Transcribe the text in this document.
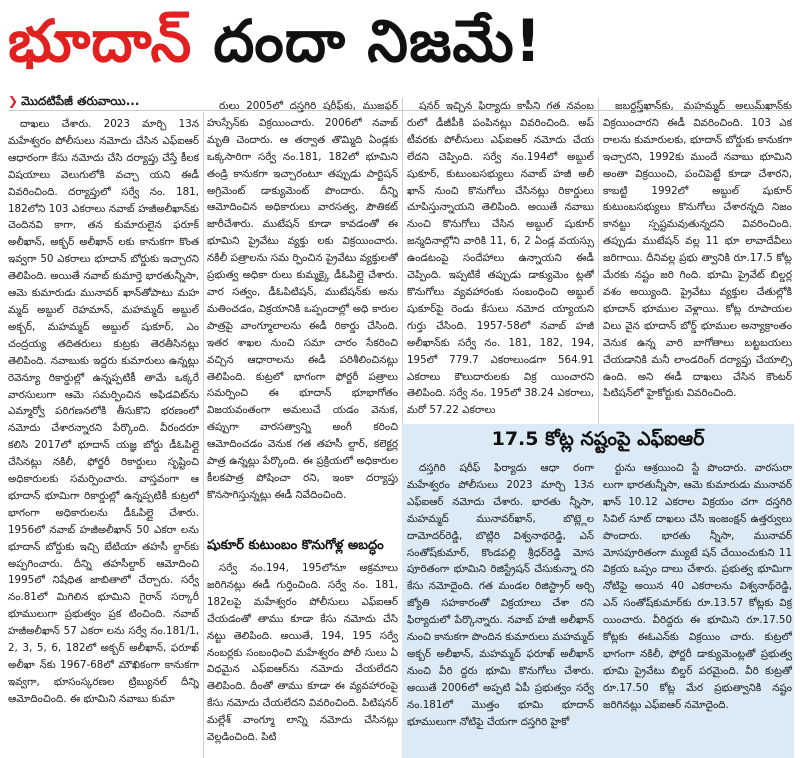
భూదాన్ దందా నిజమే!
❯ మొదటిపేజీ తరువాయి...

దాఖలు చేశారు. 2023 మార్చి 13న మహేశ్వరం పోలీసులు నమోదు చేసిన ఎఫ్ఐఆర్ ఆధారంగా కేసు నమోదు చేసి దర్యాప్తు చేస్తే కీలక విషయాలు వెలుగులోకి వచ్చా యని ఈడీ వివరించింది. దర్యాప్తులో సర్వే నం. 181, 182లోని 103 ఎకరాలు నవాబ్ హజీఅలీఖాన్‌కు చెందినవి కాగా, తన కుమారులైన ఫరూక్ అలీఖాన్, అక్బర్ అలీఖాన్ లకు కానుకగా కొంత ఇవ్వగా 50 ఎకరాలు భూదాన్ బోర్డుకు ఇచ్చారని తెలిపింది. అయితే నవాబ్ కుమార్తె భారతున్నీసా, ఆమె కుమారుడు మునావర్ ఖాన్‌తోపాటు మహ మ్మద్ అబ్దుల్ రెహమాన్, మహమ్మద్ అబ్దుల్ అక్బర్, మహమ్మద్ అబ్దుల్ షుకూర్, ఎం చంద్రయ్య తదితరులు కుట్రకు తెరతీసినట్లు తెలిపింది. నవాబుకు ఇద్దరు కుమారులు ఉన్నట్లు రెవెన్యూ రికార్డుల్లో ఉన్నప్పటికీ తామే ఒక్కరే వారసులుగా ఆమె సమర్పించిన అఫిడవిట్‌ను ఎమ్మార్వో పరిగణనలోకి తీసుకొని భరణంలో నమోదు చేశారన్నారని పేర్కొంది. వీరందరూ కలిసి 2017లో భూదాన్ యజ్ఞ బోర్డు డీఓపిల్లై చేసినట్లు నకిలీ, ఫోర్జరీ రికార్డులు సృష్టించి అధికారులకు సమర్పించారు. వాస్తవంగా ఆ భూదాన్ భూమిగా రికార్డుల్లో ఉన్నప్పటికీ కుట్రలో భాగంగా అధికారులను డీఓపిల్లై చేశారు. 1956లో నవాబ్ హజీఅలీఖాన్ 50 ఎకరా లను భూదాన్ బోర్డుకు ఇచ్చి బేటియా తహసీ ల్దార్‌కు అప్పగించారు. దీన్ని తహసీల్దార్ ఆమోదించి 1995లో నిషేధిత జాబితాలో చేర్చారు. సర్వే నం.81లో మిగిలిన భూమిని గైరాన్ సర్కారీ భూములుగా ప్రభుత్వం ప్రక టించింది. నవాబ్ హజీఅలీఖాన్ 57 ఎకరా లను సర్వే నం.181/1, 2, 3, 5, 6, 182లో అక్బర్ అలీఖాన్, ఫరూఖ్ అలీఖా న్‌కు 1967-68లో మౌఖికంగా కానుకగా ఇవ్వగా, భూసంస్కరణల ట్రిబ్యునల్ దీన్ని ఆమోదించింది. ఈ భూమిని నవాబు కుమా

రులు 2005లో దస్తగిరి షరీఫ్‌కు, ముజఫర్ హుస్సేన్‌కు విక్రయించారు. 2006లో నవాబ్ మృతి చెందారు. ఆ తర్వాత తొమ్మిది ఏండ్లకు ఒక్కసారిగా సర్వే నం.181, 182లో భూమిని తండ్రి కానుకగా ఇచ్చారంటూ తప్పుడు పార్టిషన్ అగ్రిమెంట్ డాక్యుమెంట్ పొందారు. దీన్ని ఆమోదించిన అధికారులు వారసత్వ, పౌతికట్ జారీచేశారు. ముటేషన్ కూడా కావడంతో ఈ భూమిని ప్రైవేటు వ్యక్తు లకు విక్రయించారు. నకిలీ పత్రాలను సమ ర్పించిన ప్రైవేటు వ్యక్తులతో ప్రభుత్వ అధికా రులు కుమ్మక్కై డీఓపిల్లై చేశారు. వార సత్వం, డీఓపిటిషన్, ముటేషన్‌కు అను మతించడం, విక్రయానికి ఒప్పందాల్లో అధి కారుల పాత్రపై వాంగ్మూలాలను ఈడీ రికార్డు చేసింది. ఇతర శాఖల నుంచి సమా చారం సేకరించి వచ్చిన ఆధారాలను ఈడీ పరిశీలించినట్లు తెలిపింది. కుట్రలో భాగంగా ఫోర్జరీ పత్రాలు సమర్పించి ఈ భూదాన్ భూభాగోతం విజయవంతంగా అమలుచే యడం వెనుక, తప్పుగా వారసత్వాన్ని అంగీ కరించి ఆమోదించడం వెనుక గత తహసీ ల్దార్, కలెక్టర్ల పాత్ర ఉన్నట్లు పేర్కొంది. ఈ ప్రక్రియలో అధికారుల కీలకపాత్ర పోషించా రని, ఇంకా దర్యాప్తు కొనసాగిస్తున్నట్లు ఈడీ నివేదించింది.

షుకూర్ కుటుంబం కొనుగోళ్ల అబద్ధం

సర్వే నం.194, 195లోనూ అక్రమాలు జరిగినట్లు ఈడీ గుర్తించింది. సర్వే నం. 181, 182లపై మహేశ్వరం పోలీసులు ఎఫ్ఐఆర్ చేయడంతో తాము కూడా కేసు నమోదు చేసి నట్టు తెలిపింది. అయితే, 194, 195 సర్వే నంబర్లకు సంబంధించి మహేశ్వరం పోలీ సులు ఏ విధమైన ఎఫ్ఐఆర్‌ను నమోదు చేయలేదని తెలిపింది. దీంతో తాము కూడా ఈ వ్యవహారంపై కేసు నమోదు చేయలేదని వివరించింది. పిటిషనర్ మల్లేశ్ వాంగ్మూ లాన్ని నమోదు చేసినట్లు వెల్లడించింది. పిటి

షనర్ ఇచ్చిన ఫిర్యాదు కాపీని గత నవంబ రులో డీజీపీకి పంపినట్లు వివరించింది. అప్ టీవరకు పోలీసులు ఎఫ్ఐఆర్ నమోదు చేయ లేదని చెప్పింది. సర్వే నం.194లో అబ్దుల్ షుకూర్, కుటుంబసభ్యులు నవాబ్ హజీ అలీ ఖాన్ నుంచి కొనుగోలు చేసినట్లు రికార్డులు చూపిస్తున్నాయని తెలిపింది. అయితే నవాబు నుంచి కొనుగోలు చేసిన అబ్దుల్ షుకూర్ జన్మదినాల్లోని వారికి 11, 6, 2 ఏండ్ల వయస్సు ఉండటంపై సందేహాలు ఉన్నాయని ఈడీ చెప్పింది. ఇప్పటికే తప్పుడు డాక్యుమెం ట్లతో కొనుగోలు వ్యవహారంకు సంబంధించి అబ్దుల్ షుకూర్‌పై రెండు కేసులు నమోద య్యాయని గుర్తు చేసింది. 1957-58లో నవాబ్ హజీ అలీఖాన్‌కు సర్వే నం. 181, 182, 194, 195లో 779.7 ఎకరాలుండగా 564.91 ఎకరాలు కౌలుదారులకు విక్ర యించారని తెలిపింది. సర్వే నం. 195లో 38.24 ఎకరాలు, మరో 57.22 ఎకరాలు

జబర్దస్త్‌ఖాన్‌కు, మహమ్మద్ అలుమ్‌ఖాన్‌కు విక్రయించారని ఈడీ వివరించింది. 103 ఎక రాలను కుమారులకు, భూదాన్ బోర్డుకు కానుకగా ఇచ్చారని, 1992కు ముందే నవాబు భూమిని అంతా విక్రయించి, పంచిపెట్టే కూడా చేశారని, కాబట్టి 1992లో అబ్దుల్ షుకూర్ కుటుంబసభ్యులు కొనుగోలు చేశారన్నది నిజం కానట్టు స్పష్టమవుతున్నదని వివరించింది. తప్పుడు ముటేషన్ వల్ల 11 భూ లావాదేవీలు జరిగాయి. దీనివల్ల ప్రభు త్వానికి రూ.17.5 కోట్ల మేరకు నష్టం జరి గింది. భూమి ప్రైవేట్ బిల్డర్ల వశం అయ్యింది. ప్రైవేటు వ్యక్తుల చేతుల్లోకి భూదాన్ భూముల వెళ్లాయి. కోట్ల రూపాయల విలు వైన భూదాన్ బోర్డ్ భూముల అన్యాక్రాంతం వెనుక ఉన్న వారి బాగోతాలు బట్టబయలు చేయడానికి మనీ లాండరింగ్ దర్యాప్తు చేయాల్సి ఉంది. అని ఈడీ దాఖలు చేసిన కౌంటర్ పిటిషన్‌లో హైకోర్టుకు వివరించింది.

17.5 కోట్ల నష్టంపై ఎఫ్ఐఆర్

దస్తగిరి షరీఫ్ ఫిర్యాదు ఆధా రంగా మహేశ్వరం పోలీసులు 2023 మార్చి 13న ఎఫ్ఐఆర్ నమోదు చేశారు. భారతు న్నీసా, మహమ్మద్ మునావర్‌ఖాన్, బొట్ల్లెల దామోదర్‌రెడ్డి, బొట్లిరి విశ్వనాథరెడ్డి, ఎన్ సంతోష్‌కుమార్, కొండపల్లి శ్రీధర్‌రెడ్డి మోస పూరితంగా భూమిని రిజిస్ట్రేషన్ చేసుకున్నా రని కేసు నమోదైంది. గత మండల రిజిస్ట్రార్ అర్చి జ్యోతి సహకారంతో విక్రయాలు చేశా రని ఫిర్యాదులో పేర్కొన్నారు. నవాబ్ హజీ అలీఖాన్ నుంచి కానుకగా పొందిన కుమారులు మహమ్మద్ అక్బర్ అలీఖాన్, మహమ్మద్ ఫరూఖ్ అలీఖాన్ నుంచి వీరి ద్దరు భూమి కొనుగోలు చేశారు. అయితే 2006లో అప్పటి ఏపీ ప్రభుత్వం సర్వే నం.181లో మొత్తం భూమి భూదాన్ భూములుగా నోటిఫై చేయగా దస్తగిరి హైకో

ర్టును ఆశ్రయించి స్టే పొందారు. వారసురా లుగా భారతున్నీసా, ఆమె కుమారుడు మునావర్ ఖాన్ 10.12 ఎకరాల విక్రయం చగా దస్తగిరి సివిల్ సూట్ దాఖలు చేసి ఇంజంక్షన్ ఉత్తర్వులు పొందారు. భారతు న్నీసా, మునావర్ మోసపూరితంగా మ్యుటే షన్ చేయించుకుని 11 విక్రయ ఒప్పం దాలు చేశారు. ప్రభుత్వ భూమిగా నోటిఫై అయిన 40 ఎకరాలను విశ్వనాథ్‌రెడ్డి, ఎన్ సంతోష్‌కుమార్‌కు రూ.13.57 కోట్లకు విక్ర యించారు. వీరిద్దరు ఈ భూమిని రూ.17.50 కోట్లకు ఈఓఎన్‌కు విక్రయిం చారు. కుట్రలో భాగంగా నకిలీ, ఫోర్జరీ డాక్యుమెంట్లతో ప్రభుత్వ భూమి ప్రైవేటు బిల్డర్ పరమైంది. వీరి కుట్రతో రూ.17.50 కోట్ల మేర ప్రభుత్వానికి నష్టం జరిగినట్లు ఎఫ్ఐఆర్ నమోదైంది.
